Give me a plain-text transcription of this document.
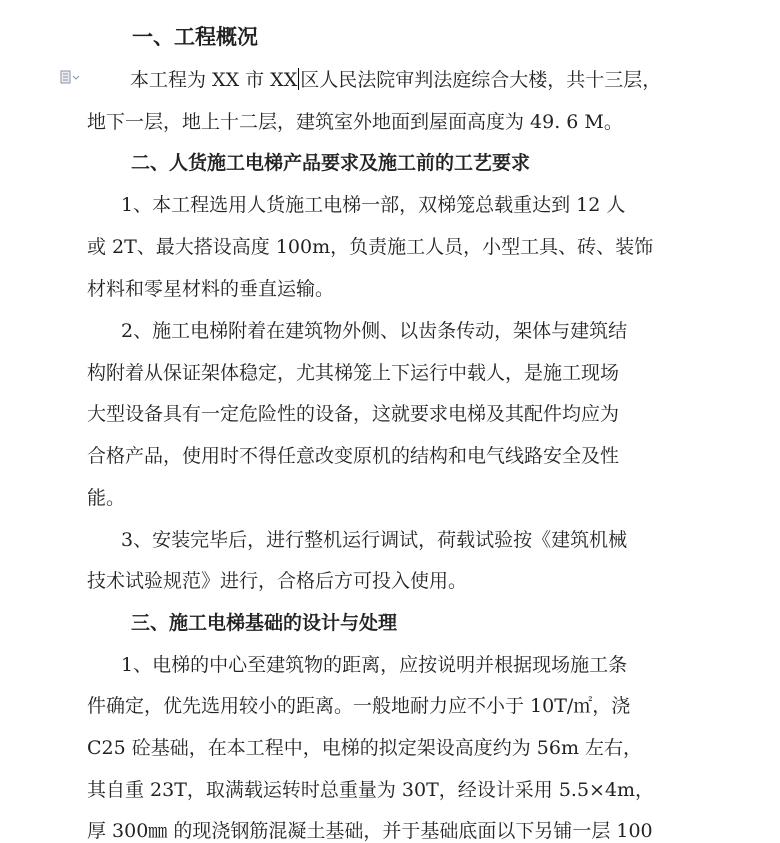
一、工程概况
本工程为 XX 市 XX 区人民法院审判法庭综合大楼，共十三层，
地下一层，地上十二层，建筑室外地面到屋面高度为 49. 6 M。
二、人货施工电梯产品要求及施工前的工艺要求
1、本工程选用人货施工电梯一部，双梯笼总载重达到 12 人
或 2T、最大搭设高度 100m，负责施工人员，小型工具、砖、装饰
材料和零星材料的垂直运输。
2、施工电梯附着在建筑物外侧、以齿条传动，架体与建筑结
构附着从保证架体稳定，尤其梯笼上下运行中载人，是施工现场
大型设备具有一定危险性的设备，这就要求电梯及其配件均应为
合格产品，使用时不得任意改变原机的结构和电气线路安全及性
能。
3、安装完毕后，进行整机运行调试，荷载试验按《建筑机械
技术试验规范》进行，合格后方可投入使用。
三、施工电梯基础的设计与处理
1、电梯的中心至建筑物的距离，应按说明并根据现场施工条
件确定，优先选用较小的距离。一般地耐力应不小于 10T/㎡，浇
C25 砼基础，在本工程中，电梯的拟定架设高度约为 56m 左右，
其自重 23T，取满载运转时总重量为 30T，经设计采用 5.5×4m，
厚 300㎜ 的现浇钢筋混凝土基础，并于基础底面以下另铺一层 100
